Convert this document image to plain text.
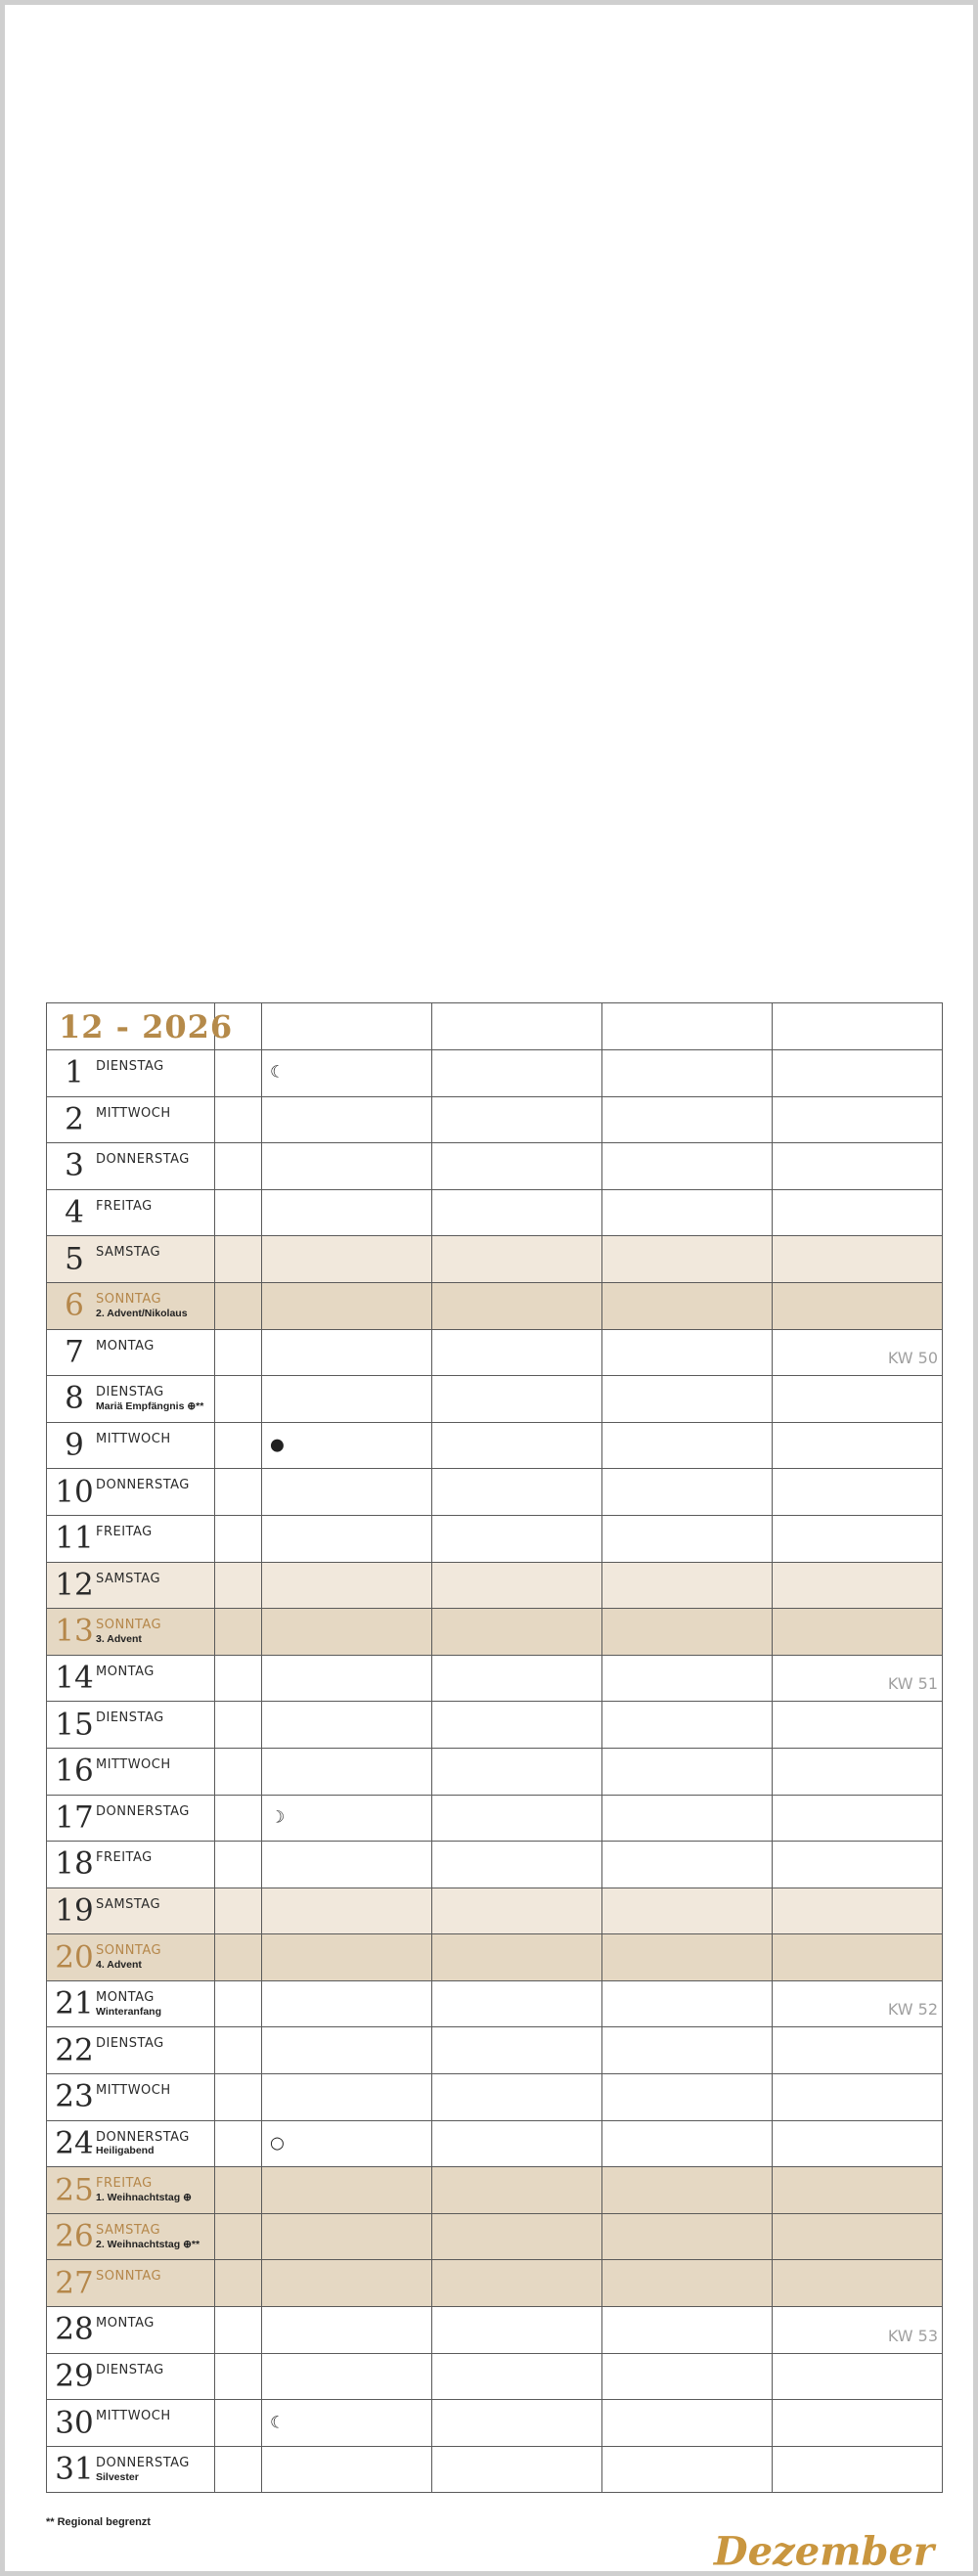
12 - 2026					

1 DIENSTAG		☾			

2 MITTWOCH					

3 DONNERSTAG					

4 FREITAG					

5 SAMSTAG					

6 SONNTAG
2. Advent/Nikolaus					

7 MONTAG					KW 50

8 DIENSTAG
Mariä Empfängnis ⊕**					

9 MITTWOCH		●			

10 DONNERSTAG					

11 FREITAG					

12 SAMSTAG					

13 SONNTAG
3. Advent					

14 MONTAG					KW 51

15 DIENSTAG					

16 MITTWOCH					

17 DONNERSTAG		☽			

18 FREITAG					

19 SAMSTAG					

20 SONNTAG
4. Advent					

21 MONTAG
Winteranfang					KW 52

22 DIENSTAG					

23 MITTWOCH					

24 DONNERSTAG
Heiligabend		○			

25 FREITAG
1. Weihnachtstag ⊕					

26 SAMSTAG
2. Weihnachtstag ⊕**					

27 SONNTAG					

28 MONTAG					KW 53

29 DIENSTAG					

30 MITTWOCH		☾			

31 DONNERSTAG
Silvester					

** Regional begrenzt
Dezember
